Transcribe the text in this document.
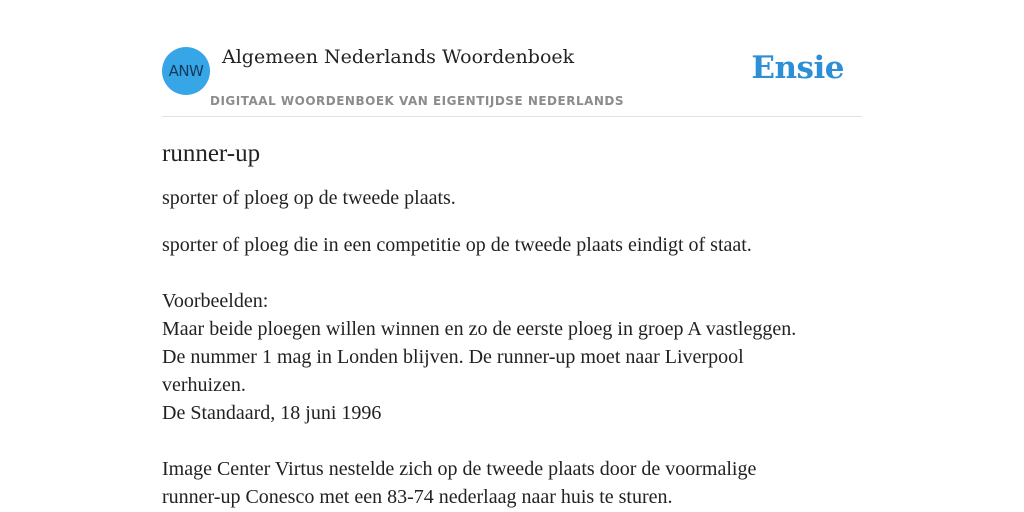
ANW
Algemeen Nederlands Woordenboek
DIGITAAL WOORDENBOEK VAN EIGENTIJDSE NEDERLANDS
Ensie
runner-up

sporter of ploeg op de tweede plaats.

sporter of ploeg die in een competitie op de tweede plaats eindigt of staat.

Voorbeelden:

Maar beide ploegen willen winnen en zo de eerste ploeg in groep A vastleggen.

De nummer 1 mag in Londen blijven. De runner-up moet naar Liverpool

verhuizen.

De Standaard, 18 juni 1996

Image Center Virtus nestelde zich op de tweede plaats door de voormalige

runner-up Conesco met een 83-74 nederlaag naar huis te sturen.
